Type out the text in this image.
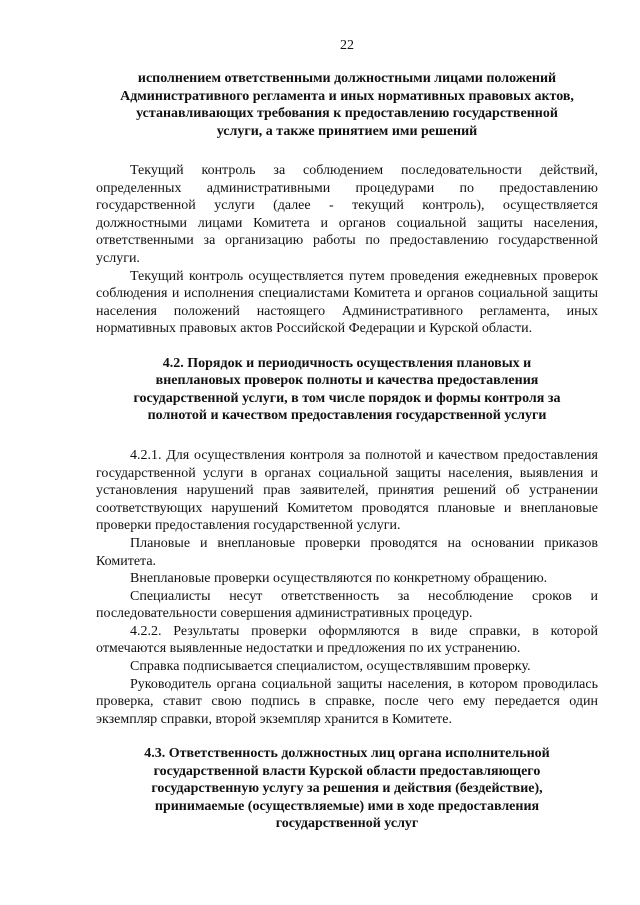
22
исполнением ответственными должностными лицами положений
Административного регламента и иных нормативных правовых актов,
устанавливающих требования к предоставлению государственной
услуги, а также принятием ими решений

Текущий контроль за соблюдением последовательности действий, определенных административными процедурами по предоставлению государственной услуги (далее - текущий контроль), осуществляется должностными лицами Комитета и органов социальной защиты населения, ответственными за организацию работы по предоставлению государственной услуги.

Текущий контроль осуществляется путем проведения ежедневных проверок соблюдения и исполнения специалистами Комитета и органов социальной защиты населения положений настоящего Административного регламента, иных нормативных правовых актов Российской Федерации и Курской области.

4.2. Порядок и периодичность осуществления плановых и
внеплановых проверок полноты и качества предоставления
государственной услуги, в том числе порядок и формы контроля за
полнотой и качеством предоставления государственной услуги

4.2.1. Для осуществления контроля за полнотой и качеством предоставления государственной услуги в органах социальной защиты населения, выявления и установления нарушений прав заявителей, принятия решений об устранении соответствующих нарушений Комитетом проводятся плановые и внеплановые проверки предоставления государственной услуги.

Плановые и внеплановые проверки проводятся на основании приказов Комитета.

Внеплановые проверки осуществляются по конкретному обращению.

Специалисты несут ответственность за несоблюдение сроков и последовательности совершения административных процедур.

4.2.2. Результаты проверки оформляются в виде справки, в которой отмечаются выявленные недостатки и предложения по их устранению.

Справка подписывается специалистом, осуществлявшим проверку.

Руководитель органа социальной защиты населения, в котором проводилась проверка, ставит свою подпись в справке, после чего ему передается один экземпляр справки, второй экземпляр хранится в Комитете.

4.3. Ответственность должностных лиц органа исполнительной
государственной власти Курской области предоставляющего
государственную услугу за решения и действия (бездействие),
принимаемые (осуществляемые) ими в ходе предоставления
государственной услуг
